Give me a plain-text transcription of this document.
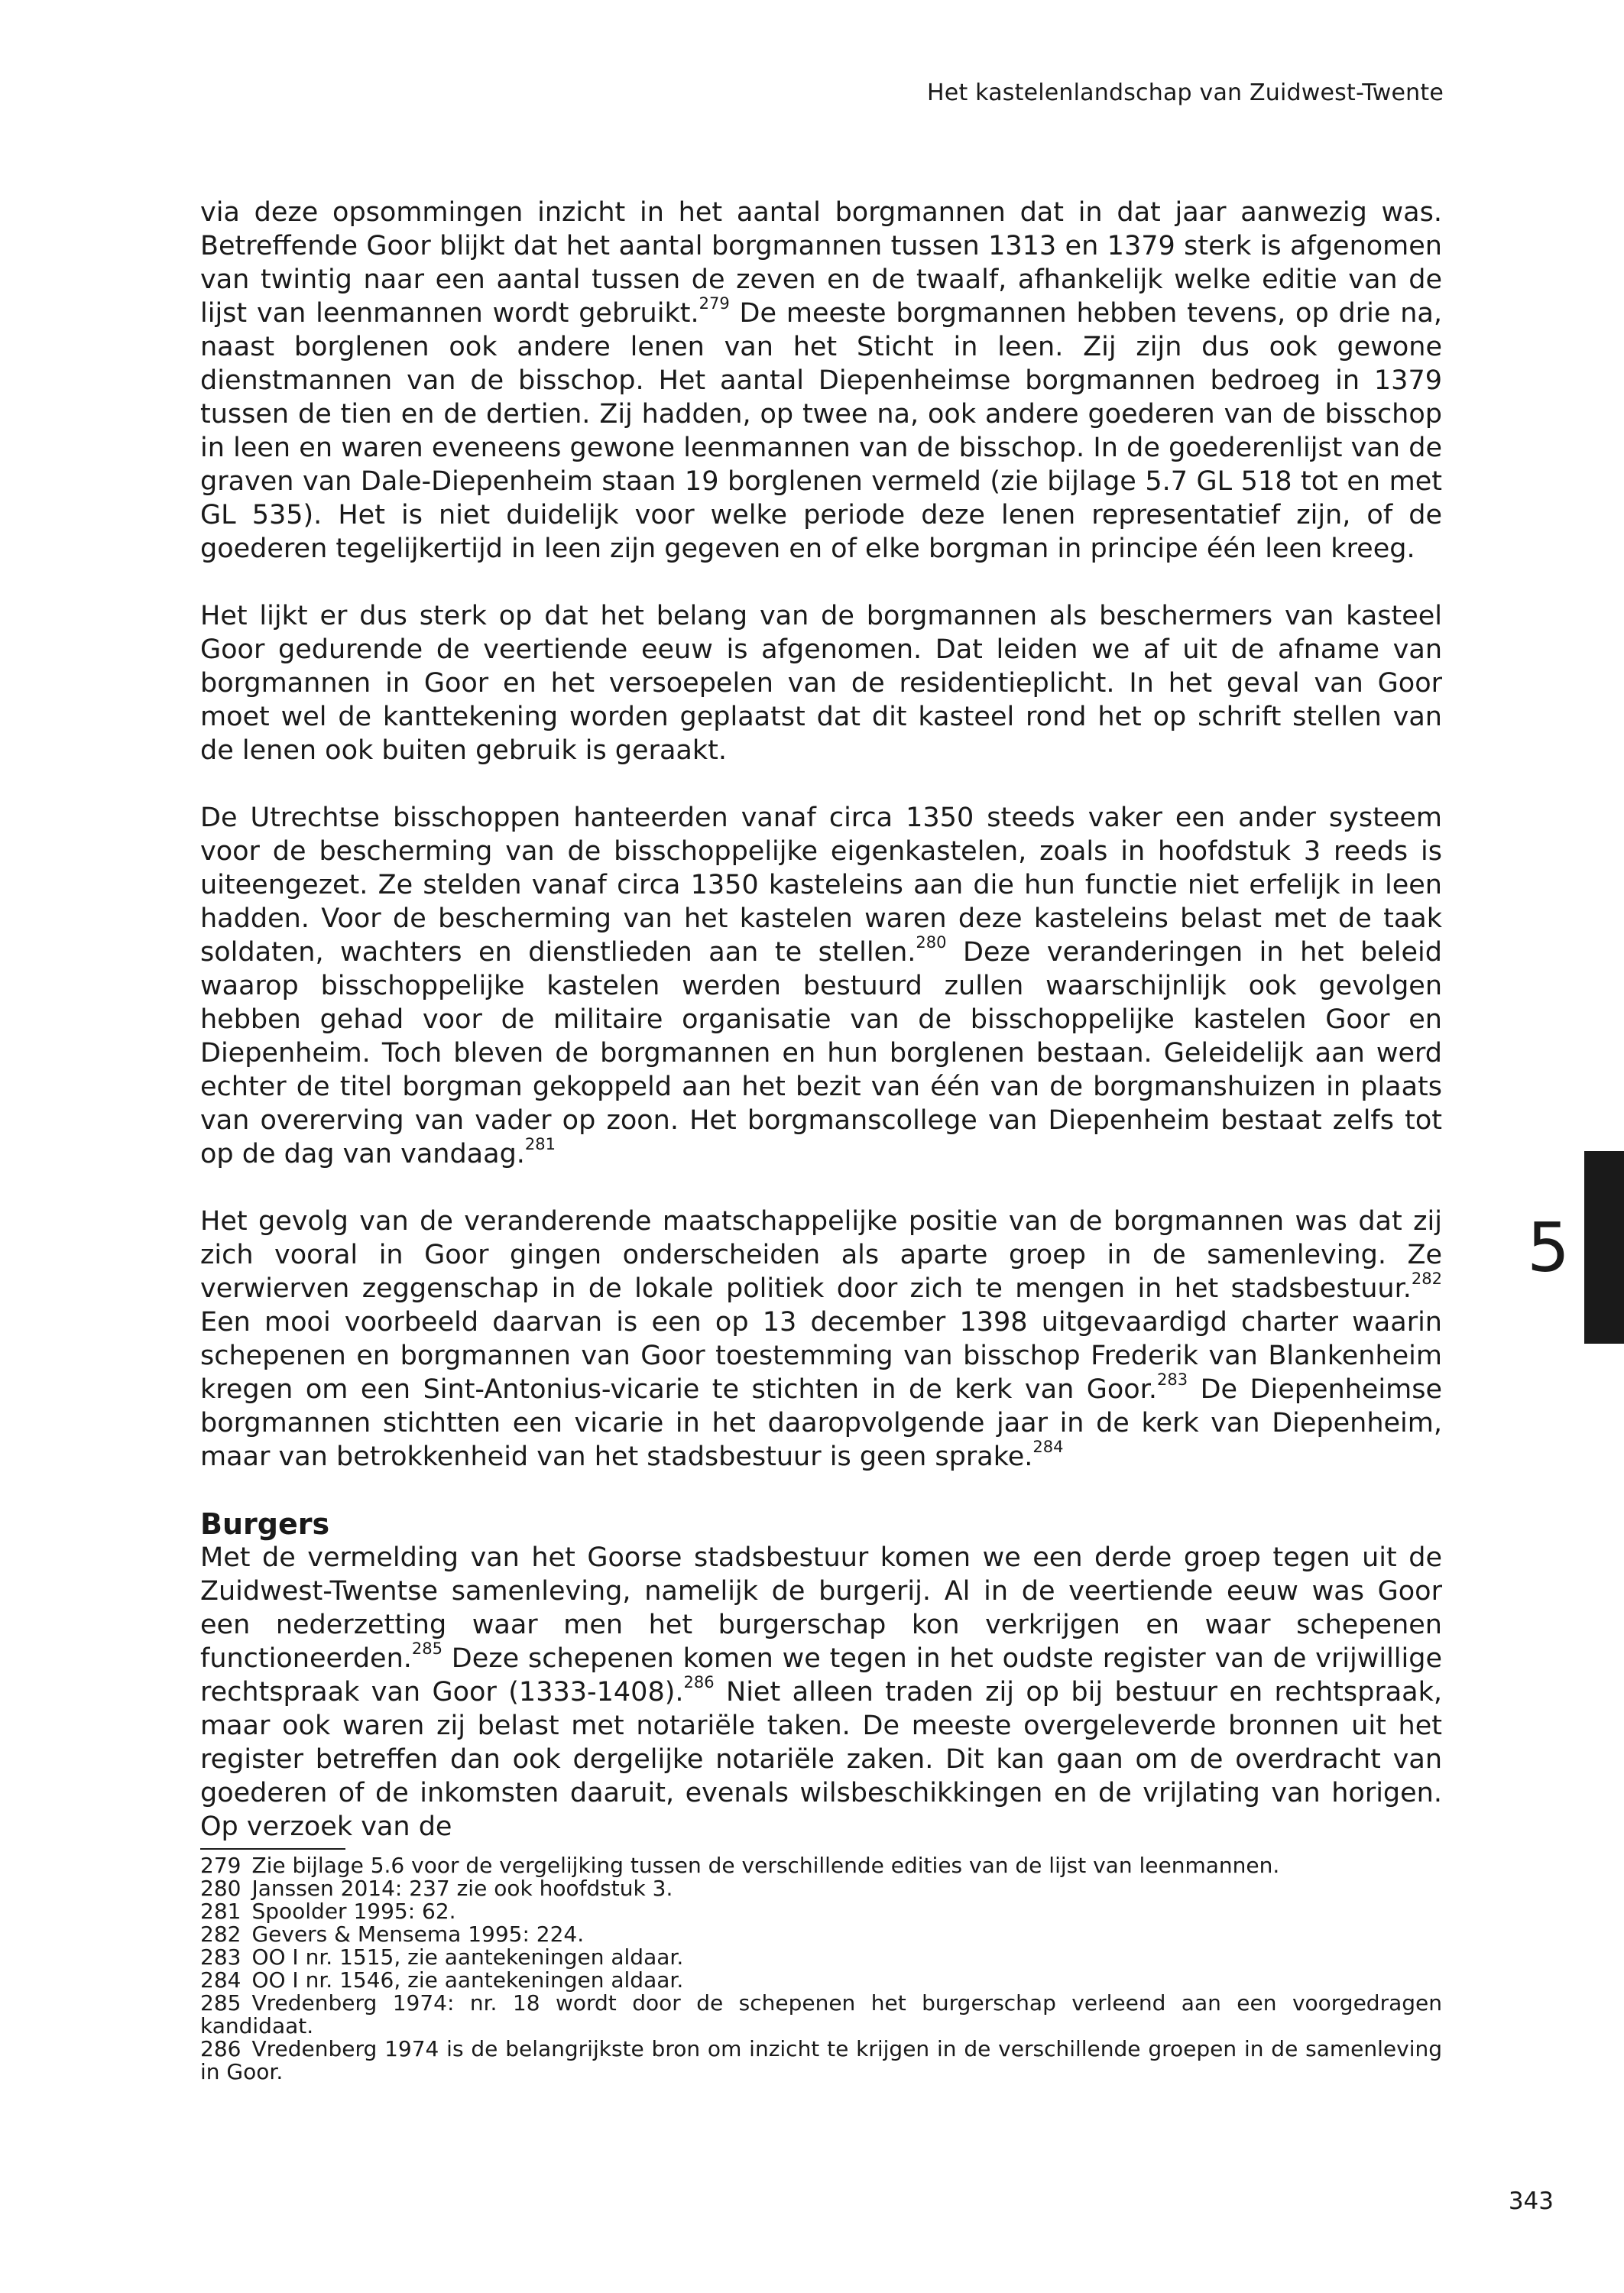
Het kastelenlandschap van Zuidwest-Twente

via deze opsommingen inzicht in het aantal borgmannen dat in dat jaar aanwezig was. Betreffende Goor blijkt dat het aantal borgmannen tussen 1313 en 1379 sterk is afgenomen van twintig naar een aantal tussen de zeven en de twaalf, afhankelijk welke editie van de lijst van leenmannen wordt gebruikt.$^{279}$ De meeste borgmannen hebben tevens, op drie na, naast borglenen ook andere lenen van het Sticht in leen. Zij zijn dus ook gewone dienstmannen van de bisschop. Het aantal Diepenheimse borgmannen bedroeg in 1379 tussen de tien en de dertien. Zij hadden, op twee na, ook andere goederen van de bisschop in leen en waren eveneens gewone leenmannen van de bisschop. In de goederenlijst van de graven van Dale-Diepenheim staan 19 borglenen vermeld (zie bijlage 5.7 GL 518 tot en met GL 535). Het is niet duidelijk voor welke periode deze lenen representatief zijn, of de goederen tegelijkertijd in leen zijn gegeven en of elke borgman in principe één leen kreeg.

Het lijkt er dus sterk op dat het belang van de borgmannen als beschermers van kasteel Goor gedurende de veertiende eeuw is afgenomen. Dat leiden we af uit de afname van borgmannen in Goor en het versoepelen van de residentieplicht. In het geval van Goor moet wel de kanttekening worden geplaatst dat dit kasteel rond het op schrift stellen van de lenen ook buiten gebruik is geraakt.

De Utrechtse bisschoppen hanteerden vanaf circa 1350 steeds vaker een ander systeem voor de bescherming van de bisschoppelijke eigenkastelen, zoals in hoofdstuk 3 reeds is uiteengezet. Ze stelden vanaf circa 1350 kasteleins aan die hun functie niet erfelijk in leen hadden. Voor de bescherming van het kastelen waren deze kasteleins belast met de taak soldaten, wachters en dienstlieden aan te stellen.$^{280}$ Deze veranderingen in het beleid waarop bisschoppelijke kastelen werden bestuurd zullen waarschijnlijk ook gevolgen hebben gehad voor de militaire organisatie van de bisschoppelijke kastelen Goor en Diepenheim. Toch bleven de borgmannen en hun borglenen bestaan. Geleidelijk aan werd echter de titel borgman gekoppeld aan het bezit van één van de borgmanshuizen in plaats van overerving van vader op zoon. Het borgmanscollege van Diepenheim bestaat zelfs tot op de dag van vandaag.$^{281}$

Het gevolg van de veranderende maatschappelijke positie van de borgmannen was dat zij zich vooral in Goor gingen onderscheiden als aparte groep in de samenleving. Ze verwierven zeggenschap in de lokale politiek door zich te mengen in het stadsbestuur.$^{282}$ Een mooi voorbeeld daarvan is een op 13 december 1398 uitgevaardigd charter waarin schepenen en borgmannen van Goor toestemming van bisschop Frederik van Blankenheim kregen om een Sint-Antonius-vicarie te stichten in de kerk van Goor.$^{283}$ De Diepenheimse borgmannen stichtten een vicarie in het daaropvolgende jaar in de kerk van Diepenheim, maar van betrokkenheid van het stadsbestuur is geen sprake.$^{284}$

Burgers

Met de vermelding van het Goorse stadsbestuur komen we een derde groep tegen uit de Zuidwest-Twentse samenleving, namelijk de burgerij. Al in de veertiende eeuw was Goor een nederzetting waar men het burgerschap kon verkrijgen en waar schepenen functioneerden.$^{285}$ Deze schepenen komen we tegen in het oudste register van de vrijwillige rechtspraak van Goor (1333-1408).$^{286}$ Niet alleen traden zij op bij bestuur en rechtspraak, maar ook waren zij belast met notariële taken. De meeste overgeleverde bronnen uit het register betreffen dan ook dergelijke notariële zaken. Dit kan gaan om de overdracht van goederen of de inkomsten daaruit, evenals wilsbeschikkingen en de vrijlating van horigen. Op verzoek van de

279 Zie bijlage 5.6 voor de vergelijking tussen de verschillende edities van de lijst van leenmannen.
280 Janssen 2014: 237 zie ook hoofdstuk 3.
281 Spoolder 1995: 62.
282 Gevers & Mensema 1995: 224.
283 OO I nr. 1515, zie aantekeningen aldaar.
284 OO I nr. 1546, zie aantekeningen aldaar.
285 Vredenberg 1974: nr. 18 wordt door de schepenen het burgerschap verleend aan een voorgedragen kandidaat.
286 Vredenberg 1974 is de belangrijkste bron om inzicht te krijgen in de verschillende groepen in de samenleving in Goor.
5
343
